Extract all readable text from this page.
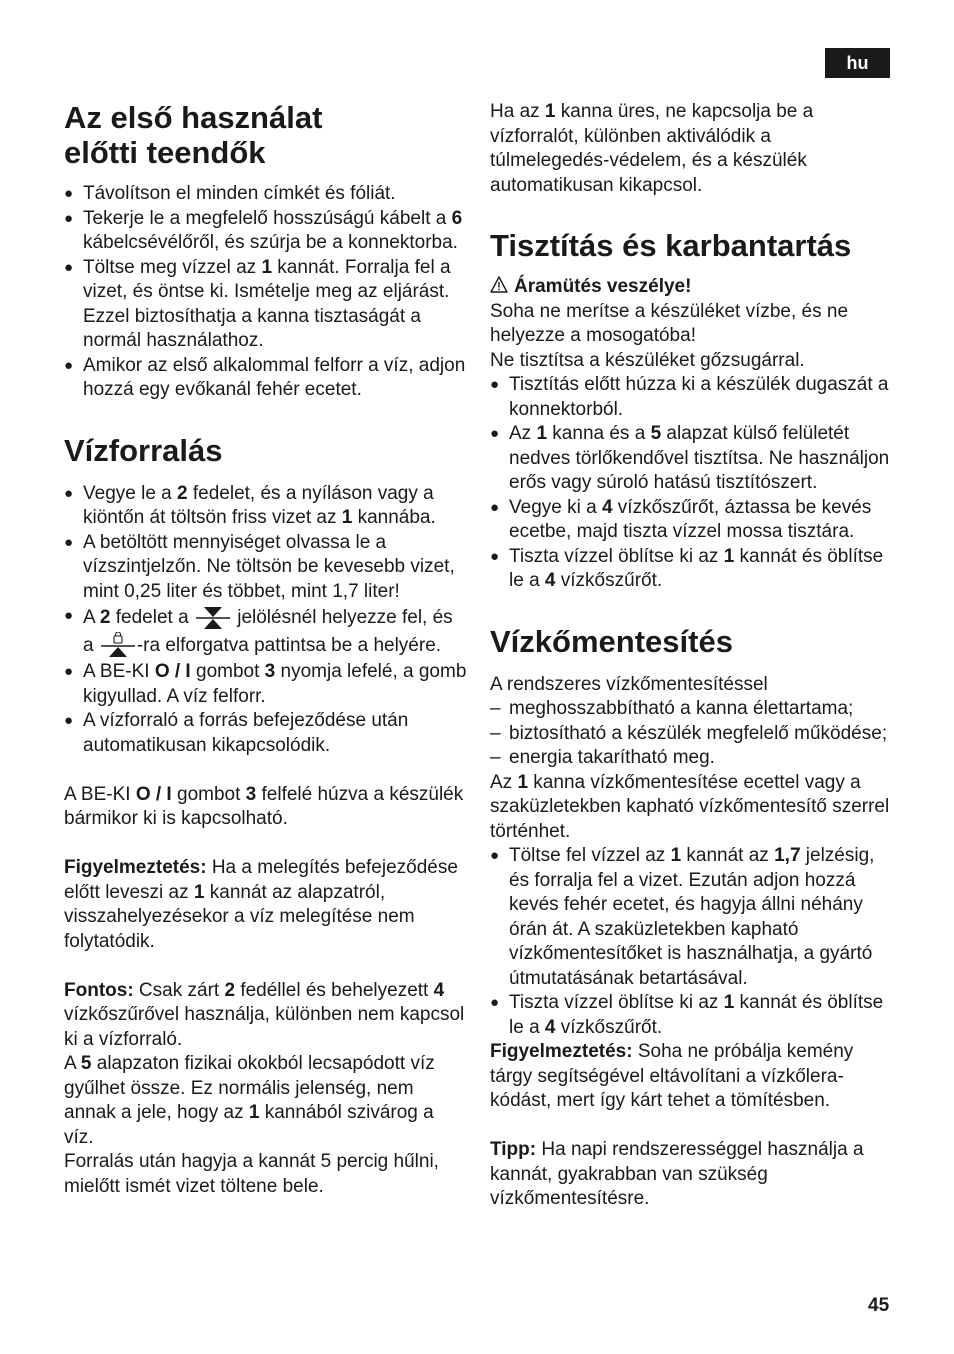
hu
Az első használat
előtti teendők
● Távolítson el minden címkét és fóliát.
● Tekerje le a megfelelő hosszúságú kábelt a 6 kábelcsévélőről, és szúrja be a konnektorba.
● Töltse meg vízzel az 1 kannát. Forralja fel a vizet, és öntse ki. Ismételje meg az eljárást. Ezzel biztosíthatja a kanna tisztaságát a normál használathoz.
● Amikor az első alkalommal felforr a víz, adjon hozzá egy evőkanál fehér ecetet.
Vízforralás
● Vegye le a 2 fedelet, és a nyíláson vagy a kiöntőn át töltsön friss vizet az 1 kannába.
● A betöltött mennyiséget olvassa le a vízszintjelzőn. Ne töltsön be kevesebb vizet, mint 0,25 liter és többet, mint 1,7 liter!
● A 2 fedelet a  jelölésnél helyezze fel, és a -ra elforgatva pattintsa be a helyére.
● A BE-KI O / I gombot 3 nyomja lefelé, a gomb kigyullad. A víz felforr.
● A vízforraló a forrás befejeződése után automatikusan kikapcsolódik.

A BE-KI O / I gombot 3 felfelé húzva a készülék bármikor ki is kapcsolható.

Figyelmeztetés: Ha a melegítés befejeződése előtt leveszi az 1 kannát az alapzatról, visszahelyezésekor a víz melegítése nem folytatódik.

Fontos: Csak zárt 2 fedéllel és behelyezett 4 vízkőszűrővel használja, különben nem kapcsol ki a vízforraló.

A 5 alapzaton fizikai okokból lecsapódott víz gyűlhet össze. Ez normális jelenség, nem annak a jele, hogy az 1 kannából szivárog a víz.

Forralás után hagyja a kannát 5 percig hűlni, mielőtt ismét vizet töltene bele.

Ha az 1 kanna üres, ne kapcsolja be a vízforralót, különben aktiválódik a túlmelegedés-védelem, és a készülék automatikusan kikapcsol.

Tisztítás és karbantartás

Áramütés veszélye!

Soha ne merítse a készüléket vízbe, és ne helyezze a mosogatóba!

Ne tisztítsa a készüléket gőzsugárral.

● Tisztítás előtt húzza ki a készülék dugaszát a konnektorból.
● Az 1 kanna és a 5 alapzat külső felületét nedves törlőkendővel tisztítsa. Ne használjon erős vagy súroló hatású tisztítószert.
● Vegye ki a 4 vízkőszűrőt, áztassa be kevés ecetbe, majd tiszta vízzel mossa tisztára.
● Tiszta vízzel öblítse ki az 1 kannát és öblítse le a 4 vízkőszűrőt.
Vízkőmentesítés

A rendszeres vízkőmentesítéssel

– meghosszabbítható a kanna élettartama;
– biztosítható a készülék megfelelő működése;
– energia takarítható meg.

Az 1 kanna vízkőmentesítése ecettel vagy a szaküzletekben kapható vízkőmentesítő szerrel történhet.

● Töltse fel vízzel az 1 kannát az 1,7 jelzésig, és forralja fel a vizet. Ezután adjon hozzá kevés fehér ecetet, és hagyja állni néhány órán át. A szaküzletekben kapható vízkőmentesítőket is használhatja, a gyártó útmutatásának betartásával.
● Tiszta vízzel öblítse ki az 1 kannát és öblítse le a 4 vízkőszűrőt.

Figyelmeztetés: Soha ne próbálja kemény tárgy segítségével eltávolítani a vízkőlerakódást, mert így kárt tehet a tömítésben.

Tipp: Ha napi rendszerességgel használja a kannát, gyakrabban van szükség vízkőmentesítésre.

45
